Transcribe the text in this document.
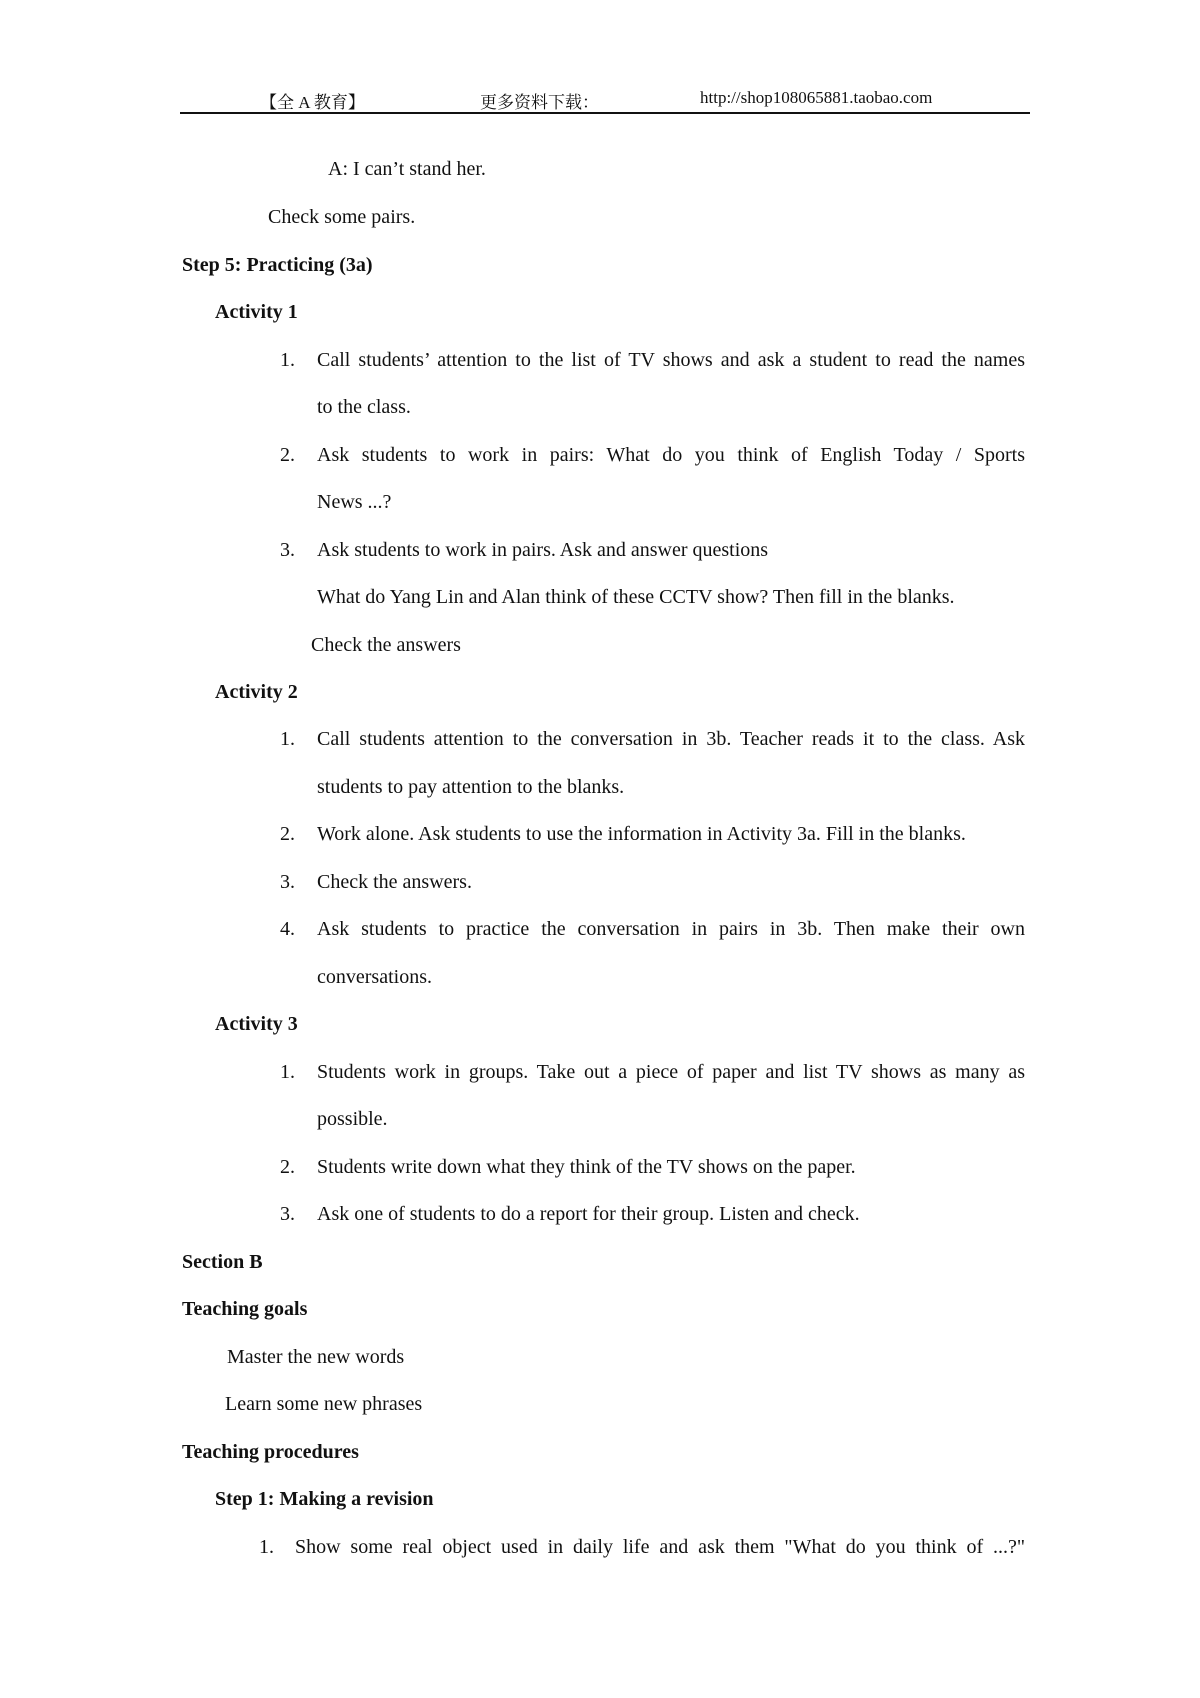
【全 A 教育】	更多资料下载：	http://shop108065881.taobao.com
A: I can’t stand her.
Check some pairs.
Step 5: Practicing (3a)
Activity 1
1. Call students’ attention to the list of TV shows and ask a student to read the names
to the class.
2. Ask students to work in pairs: What do you think of English Today / Sports
News ...?
3. Ask students to work in pairs. Ask and answer questions
What do Yang Lin and Alan think of these CCTV show? Then fill in the blanks.
Check the answers
Activity 2
1. Call students attention to the conversation in 3b. Teacher reads it to the class. Ask
students to pay attention to the blanks.
2. Work alone. Ask students to use the information in Activity 3a. Fill in the blanks.
3. Check the answers.
4. Ask students to practice the conversation in pairs in 3b. Then make their own
conversations.
Activity 3
1. Students work in groups. Take out a piece of paper and list TV shows as many as
possible.
2. Students write down what they think of the TV shows on the paper.
3. Ask one of students to do a report for their group. Listen and check.
Section B
Teaching goals
Master the new words
Learn some new phrases
Teaching procedures
Step 1: Making a revision
1. Show some real object used in daily life and ask them "What do you think of ...?"
